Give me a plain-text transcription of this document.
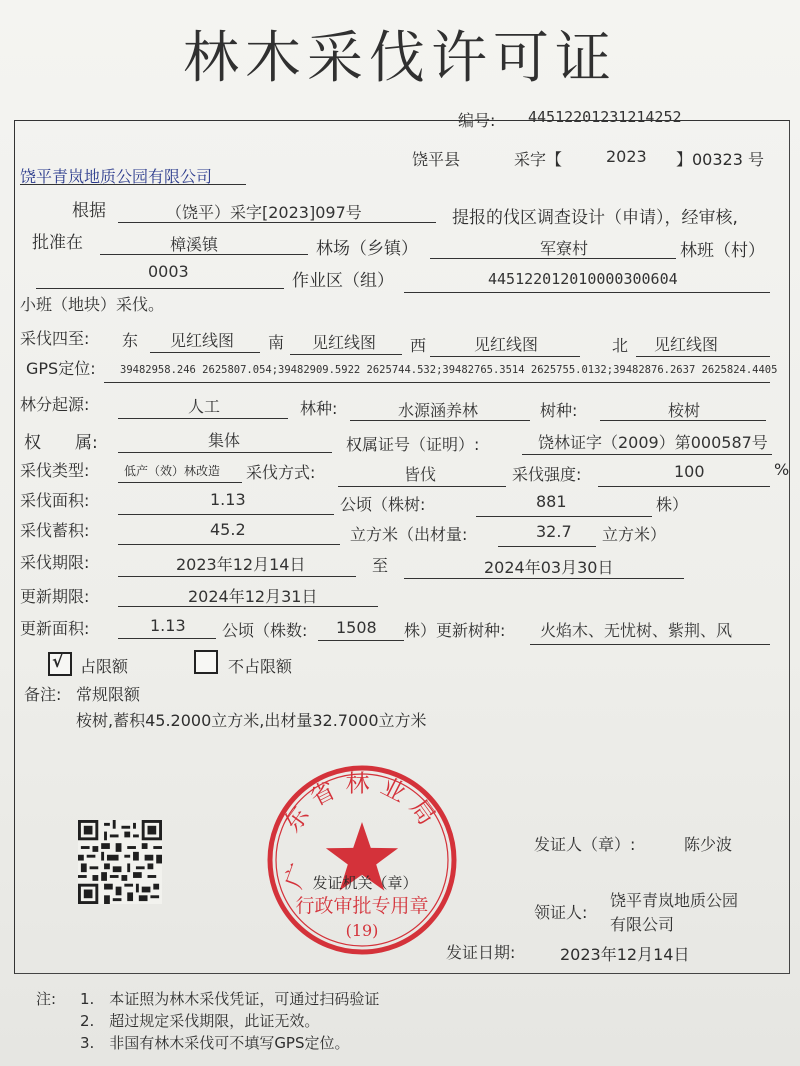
林木采伐许可证
编号: 44512201231214252
饶平县	采字【	2023 】00323 号
饶平青岚地质公园有限公司
根据	（饶平）采字[2023]097号	提报的伐区调查设计（申请），经审核,
批准在	樟溪镇	林场（乡镇）	军寮村	林班（村）
0003	作业区（组）	44512201201000030060​4
小班（地块）采伐。
采伐四至: 东 见红线图 南 见红线图 西	见红线图	北 见红线图
GPS定位: 39482958.246 2625807.054;39482909.5922 2625744.532;39482765.3514 2625755.0132;39482876.2637 2625824.4405
林分起源:	人工	林种:	水源涵养林	树种:	桉树
权　　属:	集体	权属证号（证明）:	饶林证字（2009）第000587号
采伐类型:	低产（效）林改造 采伐方式:	皆伐	采伐强度:	100	%
采伐面积:	1.13	公顷（株树:	881	株）
采伐蓄积:	45.2	立方米（出材量:	32.7 立方米）
采伐期限:	2023年12月14日	至	2024年03月30日
更新期限:	2024年12月31日
更新面积:	1.13 公顷（株数: 1508 株）更新树种: 火焰木、无忧树、紫荆、风
√ 占限额	不占限额
备注: 常规限额
桉树,蓄积45.2000立方米,出材量32.7000立方米
东省林业局
广
发证机关（章）
行政审批专用章
(19)
发证人（章）:	陈少波
领证人:
饶平青岚地质公园
有限公司
发证日期:	2023年12月14日
注: 1.　本证照为林木采伐凭证，可通过扫码验证
2.　超过规定采伐期限，此证无效。
3.　非国有林木采伐可不填写GPS定位。
